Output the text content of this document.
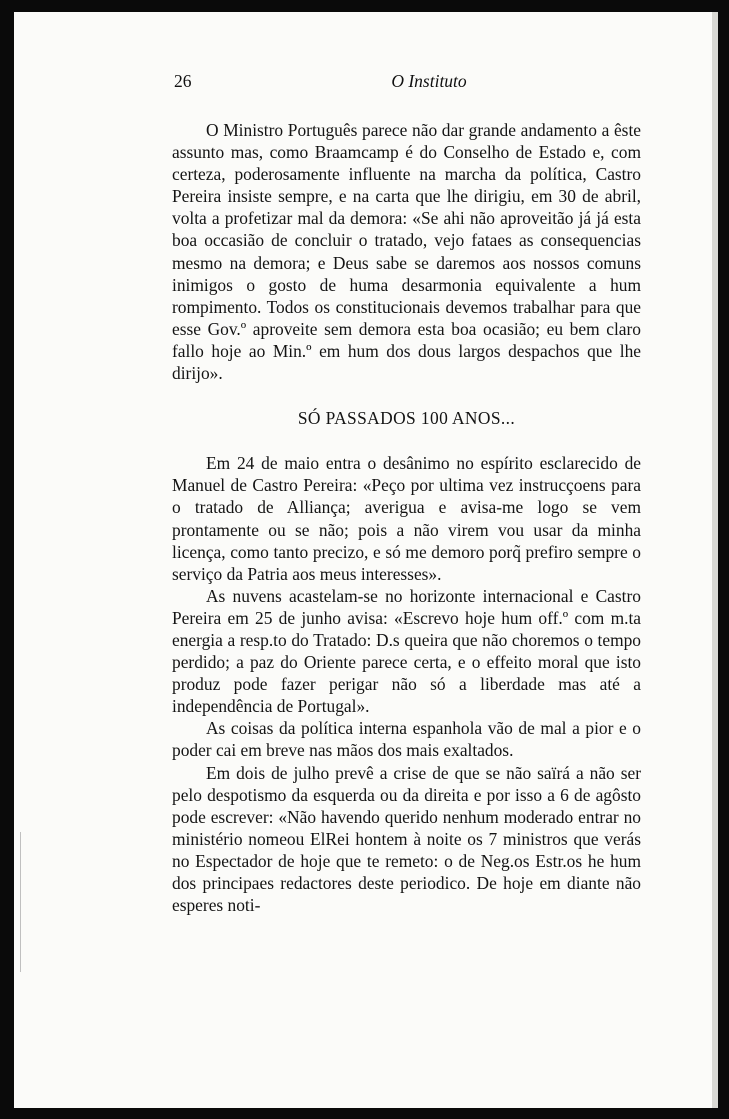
26	O Instituto

O Ministro Português parece não dar grande andamento a êste assunto mas, como Braamcamp é do Conselho de Estado e, com certeza, poderosamente influente na marcha da política, Castro Pereira insiste sempre, e na carta que lhe dirigiu, em 30 de abril, volta a profetizar mal da demora: «Se ahi não aproveitão já já esta boa occasião de concluir o tratado, vejo fataes as consequencias mesmo na demora; e Deus sabe se daremos aos nossos comuns inimigos o gosto de huma desarmonia equivalente a hum rompimento. Todos os constitucionais devemos trabalhar para que esse Gov.º aproveite sem demora esta boa ocasião; eu bem claro fallo hoje ao Min.º em hum dos dous largos despachos que lhe dirijo».

SÓ PASSADOS 100 ANOS...

Em 24 de maio entra o desânimo no espírito esclarecido de Manuel de Castro Pereira: «Peço por ultima vez instrucçoens para o tratado de Alliança; averigua e avisa-me logo se vem prontamente ou se não; pois a não virem vou usar da minha licença, como tanto precizo, e só me demoro porq̃ prefiro sempre o serviço da Patria aos meus interesses».

As nuvens acastelam-se no horizonte internacional e Castro Pereira em 25 de junho avisa: «Escrevo hoje hum off.º com m.ta energia a resp.to do Tratado: D.s queira que não choremos o tempo perdido; a paz do Oriente parece certa, e o effeito moral que isto produz pode fazer perigar não só a liberdade mas até a independência de Portugal».

As coisas da política interna espanhola vão de mal a pior e o poder cai em breve nas mãos dos mais exaltados.

Em dois de julho prevê a crise de que se não saïrá a não ser pelo despotismo da esquerda ou da direita e por isso a 6 de agôsto pode escrever: «Não havendo querido nenhum moderado entrar no ministério nomeou ElRei hontem à noite os 7 ministros que verás no Espectador de hoje que te remeto: o de Neg.os Estr.os he hum dos principaes redactores deste periodico. De hoje em diante não esperes noti-
